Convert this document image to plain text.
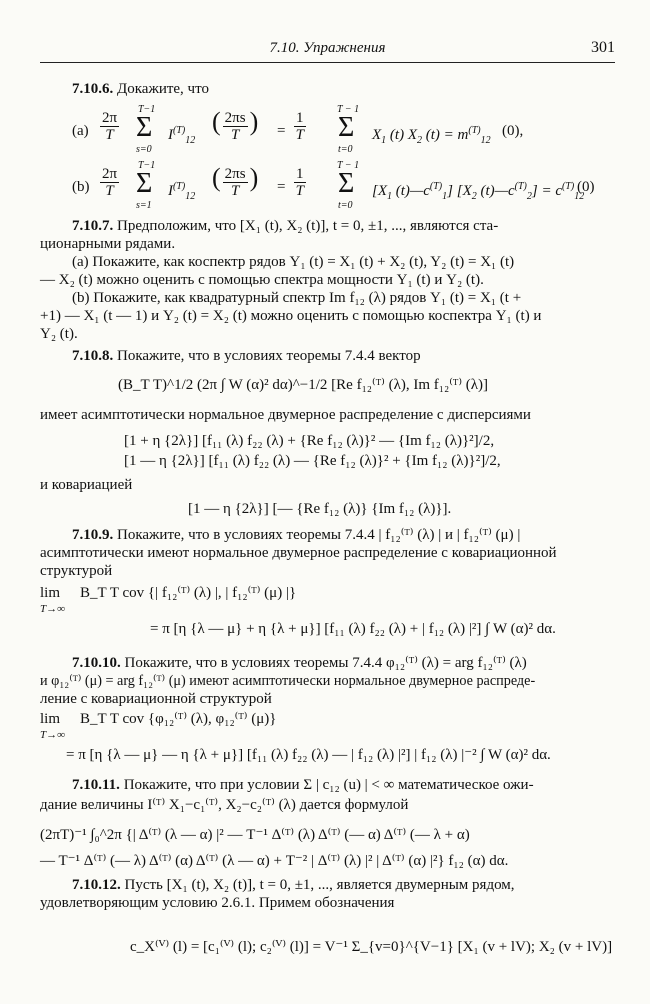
7.10. Упражнения	301
7.10.6. Докажите, что
$(a) \frac{2\pi}{T}$
T−1
Σ
s=0
$I^{(T)}_{12}$
( $\frac{2\pi s}{T}$ ) = $\frac{1}{T}$
T − 1
Σ
t=0
$X_1$ (t) $X_2$ $(t) = m^{(T)}_{12}$
(0),
$(b) \frac{2\pi}{T}$
T−1
Σ
s=1
$I^{(T)}_{12}$
( $\frac{2\pi s}{T}$ ) = $\frac{1}{T}$
T − 1
Σ
t=0
[$X_1$ $(t)—c^{(T)}_1$] [$X_2$ $(t)—c^{(T)}_2] = c^{(T)}_{12}$
(0)
7.10.7. Предположим, что [X₁ (t), X₂ (t)], t = 0, ±1, ..., являются ста-
ционарными рядами.
(a) Покажите, как коспектр рядов Y₁ (t) = X₁ (t) + X₂ (t), Y₂ (t) = X₁ (t)
— X₂ (t) можно оценить с помощью спектра мощности Y₁ (t) и Y₂ (t).
(b) Покажите, как квадратурный спектр Im f₁₂ (λ) рядов Y₁ (t) = X₁ (t +
+1) — X₁ (t — 1) и Y₂ (t) = X₂ (t) можно оценить с помощью коспектра Y₁ (t) и
Y₂ (t).
7.10.8. Покажите, что в условиях теоремы 7.4.4 вектор
(B_T T)^1/2 (2π ∫ W (α)² dα)^−1/2 [Re f₁₂⁽ᵀ⁾ (λ), Im f₁₂⁽ᵀ⁾ (λ)]
имеет асимптотически нормальное двумерное распределение с дисперсиями
[1 + η {2λ}] [f₁₁ (λ) f₂₂ (λ) + {Re f₁₂ (λ)}² — {Im f₁₂ (λ)}²]/2,
[1 — η {2λ}] [f₁₁ (λ) f₂₂ (λ) — {Re f₁₂ (λ)}² + {Im f₁₂ (λ)}²]/2,
и ковариацией
[1 — η {2λ}] [— {Re f₁₂ (λ)} {Im f₁₂ (λ)}].
7.10.9. Покажите, что в условиях теоремы 7.4.4 | f₁₂⁽ᵀ⁾ (λ) | и | f₁₂⁽ᵀ⁾ (μ) |
асимптотически имеют нормальное двумерное распределение с ковариационной
структурой
lim
T→∞
B_T T cov {| f₁₂⁽ᵀ⁾ (λ) |, | f₁₂⁽ᵀ⁾ (μ) |}
= π [η {λ — μ} + η {λ + μ}] [f₁₁ (λ) f₂₂ (λ) + | f₁₂ (λ) |²] ∫ W (α)² dα.
7.10.10. Покажите, что в условиях теоремы 7.4.4 φ₁₂⁽ᵀ⁾ (λ) = arg f₁₂⁽ᵀ⁾ (λ)
и φ₁₂⁽ᵀ⁾ (μ) = arg f₁₂⁽ᵀ⁾ (μ) имеют асимптотически нормальное двумерное распреде-
ление с ковариационной структурой
lim
T→∞
B_T T cov {φ₁₂⁽ᵀ⁾ (λ), φ₁₂⁽ᵀ⁾ (μ)}
= π [η {λ — μ} — η {λ + μ}] [f₁₁ (λ) f₂₂ (λ) — | f₁₂ (λ) |²] | f₁₂ (λ) |⁻² ∫ W (α)² dα.
7.10.11. Покажите, что при условии Σ | c₁₂ (u) | < ∞ математическое ожи-
дание величины I⁽ᵀ⁾ X₁−c₁⁽ᵀ⁾, X₂−c₂⁽ᵀ⁾ (λ) дается формулой
(2πT)⁻¹ ∫₀^2π {| Δ⁽ᵀ⁾ (λ — α) |² — T⁻¹ Δ⁽ᵀ⁾ (λ) Δ⁽ᵀ⁾ (— α) Δ⁽ᵀ⁾ (— λ + α)
— T⁻¹ Δ⁽ᵀ⁾ (— λ) Δ⁽ᵀ⁾ (α) Δ⁽ᵀ⁾ (λ — α) + T⁻² | Δ⁽ᵀ⁾ (λ) |² | Δ⁽ᵀ⁾ (α) |²} f₁₂ (α) dα.
7.10.12. Пусть [X₁ (t), X₂ (t)], t = 0, ±1, ..., является двумерным рядом,
удовлетворяющим условию 2.6.1. Примем обозначения
c_X⁽ⱽ⁾ (l) = [c₁⁽ⱽ⁾ (l); c₂⁽ⱽ⁾ (l)] = V⁻¹ Σ_{v=0}^{V−1} [X₁ (v + lV); X₂ (v + lV)]
